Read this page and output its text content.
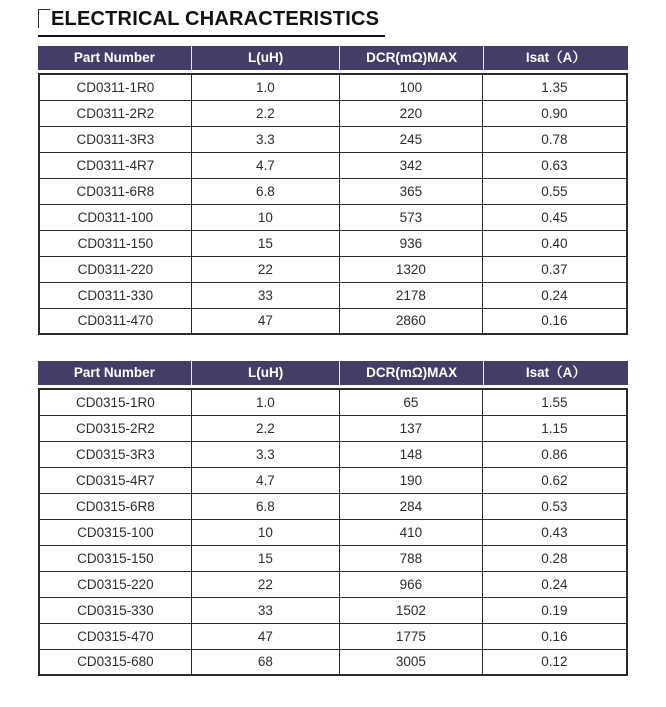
ELECTRICAL CHARACTERISTICS
Part Number	L(uH)	DCR(mΩ)MAX	Isat（A）
CD0311-1R0	1.0	100	1.35
CD0311-2R2	2.2	220	0.90
CD0311-3R3	3.3	245	0.78
CD0311-4R7	4.7	342	0.63
CD0311-6R8	6.8	365	0.55
CD0311-100	10	573	0.45
CD0311-150	15	936	0.40
CD0311-220	22	1320	0.37
CD0311-330	33	2178	0.24
CD0311-470	47	2860	0.16
Part Number	L(uH)	DCR(mΩ)MAX	Isat（A）
CD0315-1R0	1.0	65	1.55
CD0315-2R2	2.2	137	1.15
CD0315-3R3	3.3	148	0.86
CD0315-4R7	4.7	190	0.62
CD0315-6R8	6.8	284	0.53
CD0315-100	10	410	0.43
CD0315-150	15	788	0.28
CD0315-220	22	966	0.24
CD0315-330	33	1502	0.19
CD0315-470	47	1775	0.16
CD0315-680	68	3005	0.12
